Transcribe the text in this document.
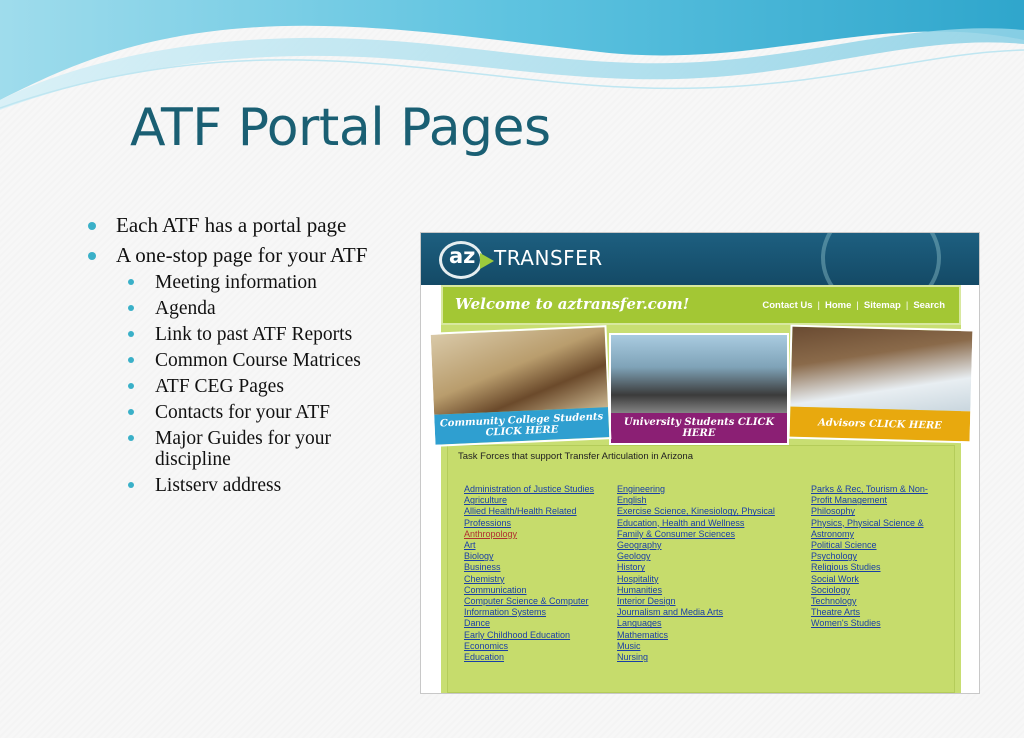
ATF Portal Pages
Each ATF has a portal page
A one-stop page for your ATF
Meeting information
Agenda
Link to past ATF Reports
Common Course Matrices
ATF CEG Pages
Contacts for your ATF
Major Guides for your discipline
Listserv address
az TRANSFER
Welcome to aztransfer.com!	Contact Us | Home | Sitemap | Search
Community College Students CLICK HERE
University Students CLICK HERE
Advisors CLICK HERE
Task Forces that support Transfer Articulation in Arizona
Administration of Justice Studies
Agriculture
Allied Health/Health Related
Professions
Anthropology
Art
Biology
Business
Chemistry
Communication
Computer Science & Computer
Information Systems
Dance
Early Childhood Education
Economics
Education
Engineering
English
Exercise Science, Kinesiology, Physical
Education, Health and Wellness
Family & Consumer Sciences
Geography
Geology
History
Hospitality
Humanities
Interior Design
Journalism and Media Arts
Languages
Mathematics
Music
Nursing
Parks & Rec, Tourism & Non-
Profit Management
Philosophy
Physics, Physical Science &
Astronomy
Political Science
Psychology
Religious Studies
Social Work
Sociology
Technology
Theatre Arts
Women's Studies
